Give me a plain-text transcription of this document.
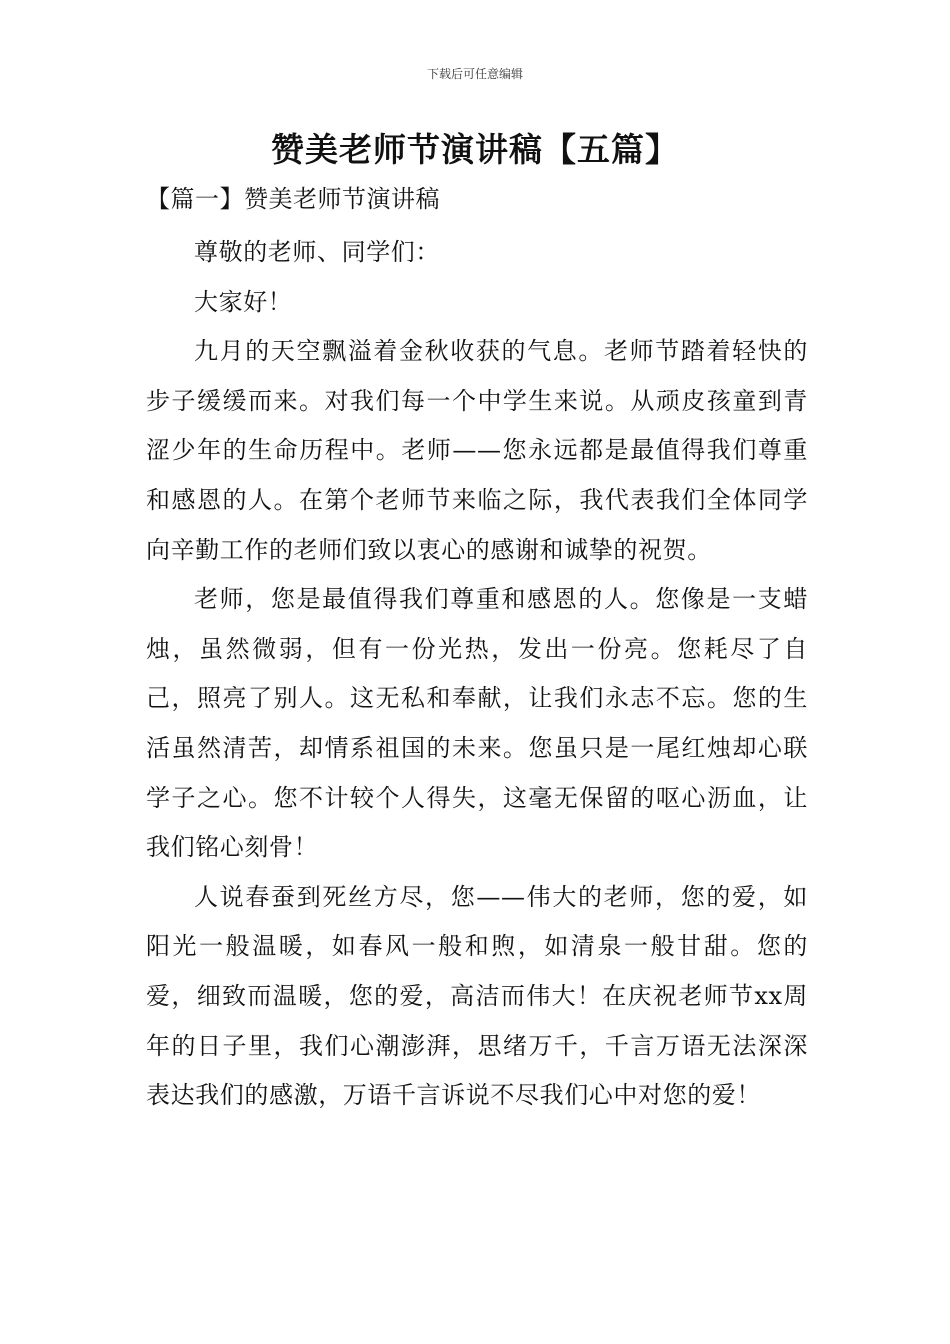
下载后可任意编辑
赞美老师节演讲稿【五篇】
【篇一】赞美老师节演讲稿

尊敬的老师、同学们：

大家好！

九月的天空飘溢着金秋收获的气息。老师节踏着轻快的步子缓缓而来。对我们每一个中学生来说。从顽皮孩童到青涩少年的生命历程中。老师——您永远都是最值得我们尊重和感恩的人。在第个老师节来临之际，我代表我们全体同学向辛勤工作的老师们致以衷心的感谢和诚挚的祝贺。

老师，您是最值得我们尊重和感恩的人。您像是一支蜡烛，虽然微弱，但有一份光热，发出一份亮。您耗尽了自己，照亮了别人。这无私和奉献，让我们永志不忘。您的生活虽然清苦，却情系祖国的未来。您虽只是一尾红烛却心联学子之心。您不计较个人得失，这毫无保留的呕心沥血，让我们铭心刻骨！

人说春蚕到死丝方尽，您——伟大的老师，您的爱，如阳光一般温暖，如春风一般和煦，如清泉一般甘甜。您的爱，细致而温暖，您的爱，高洁而伟大！在庆祝老师节xx周年的日子里，我们心潮澎湃，思绪万千，千言万语无法深深表达我们的感激，万语千言诉说不尽我们心中对您的爱！
